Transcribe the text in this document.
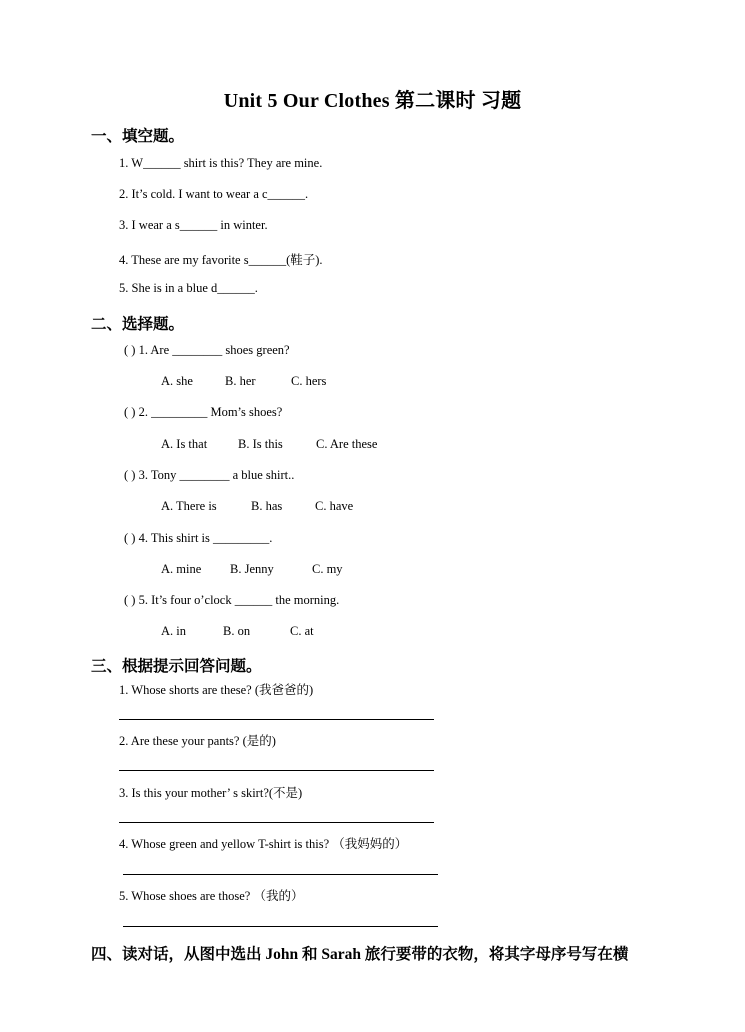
Unit 5 Our Clothes 第二课时 习题
一、填空题。
1. W______ shirt is this? They are mine.
2. It’s cold. I want to wear a c______.
3. I wear a s______ in winter.
4. These are my favorite s______(鞋子).
5. She is in a blue d______.
二、选择题。
( ) 1. Are ________ shoes green?
A. she	B. her	C. hers
( ) 2. _________ Mom’s shoes?
A. Is that B. Is this	C. Are these
( ) 3. Tony ________ a blue shirt..
A. There is	B. has	C. have
( ) 4. This shirt is _________.
A. mine B. Jenny	C. my
( ) 5. It’s four o’clock ______ the morning.
A. in	B. on	C. at
三、根据提示回答问题。
1. Whose shorts are these? (我爸爸的)
2. Are these your pants? (是的)
3. Is this your mother’ s skirt?(不是)
4. Whose green and yellow T-shirt is this? （我妈妈的）
5. Whose shoes are those? （我的）
四、读对话，从图中选出 John 和 Sarah 旅行要带的衣物，将其字母序号写在横
